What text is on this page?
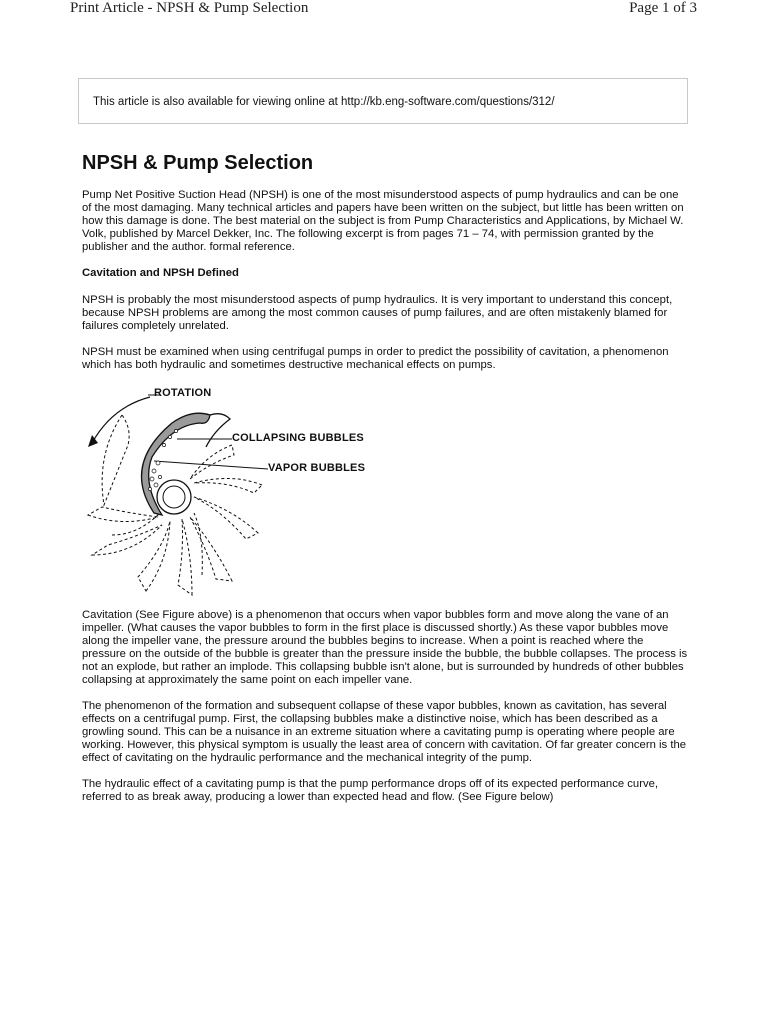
Print Article - NPSH & Pump Selection	Page 1 of 3
This article is also available for viewing online at http://kb.eng-software.com/questions/312/
NPSH & Pump Selection

Pump Net Positive Suction Head (NPSH) is one of the most misunderstood aspects of pump hydraulics and can be one of the most damaging. Many technical articles and papers have been written on the subject, but little has been written on how this damage is done. The best material on the subject is from Pump Characteristics and Applications, by Michael W. Volk, published by Marcel Dekker, Inc. The following excerpt is from pages 71 – 74, with permission granted by the publisher and the author. formal reference.

Cavitation and NPSH Defined

NPSH is probably the most misunderstood aspects of pump hydraulics. It is very important to understand this concept, because NPSH problems are among the most common causes of pump failures, and are often mistakenly blamed for failures completely unrelated.

NPSH must be examined when using centrifugal pumps in order to predict the possibility of cavitation, a phenomenon which has both hydraulic and sometimes destructive mechanical effects on pumps.

ROTATION
COLLAPSING BUBBLES
VAPOR BUBBLES

Cavitation (See Figure above) is a phenomenon that occurs when vapor bubbles form and move along the vane of an impeller. (What causes the vapor bubbles to form in the first place is discussed shortly.) As these vapor bubbles move along the impeller vane, the pressure around the bubbles begins to increase. When a point is reached where the pressure on the outside of the bubble is greater than the pressure inside the bubble, the bubble collapses. The process is not an explode, but rather an implode. This collapsing bubble isn't alone, but is surrounded by hundreds of other bubbles collapsing at approximately the same point on each impeller vane.

The phenomenon of the formation and subsequent collapse of these vapor bubbles, known as cavitation, has several effects on a centrifugal pump. First, the collapsing bubbles make a distinctive noise, which has been described as a growling sound. This can be a nuisance in an extreme situation where a cavitating pump is operating where people are working. However, this physical symptom is usually the least area of concern with cavitation. Of far greater concern is the effect of cavitating on the hydraulic performance and the mechanical integrity of the pump.

The hydraulic effect of a cavitating pump is that the pump performance drops off of its expected performance curve, referred to as break away, producing a lower than expected head and flow. (See Figure below)
